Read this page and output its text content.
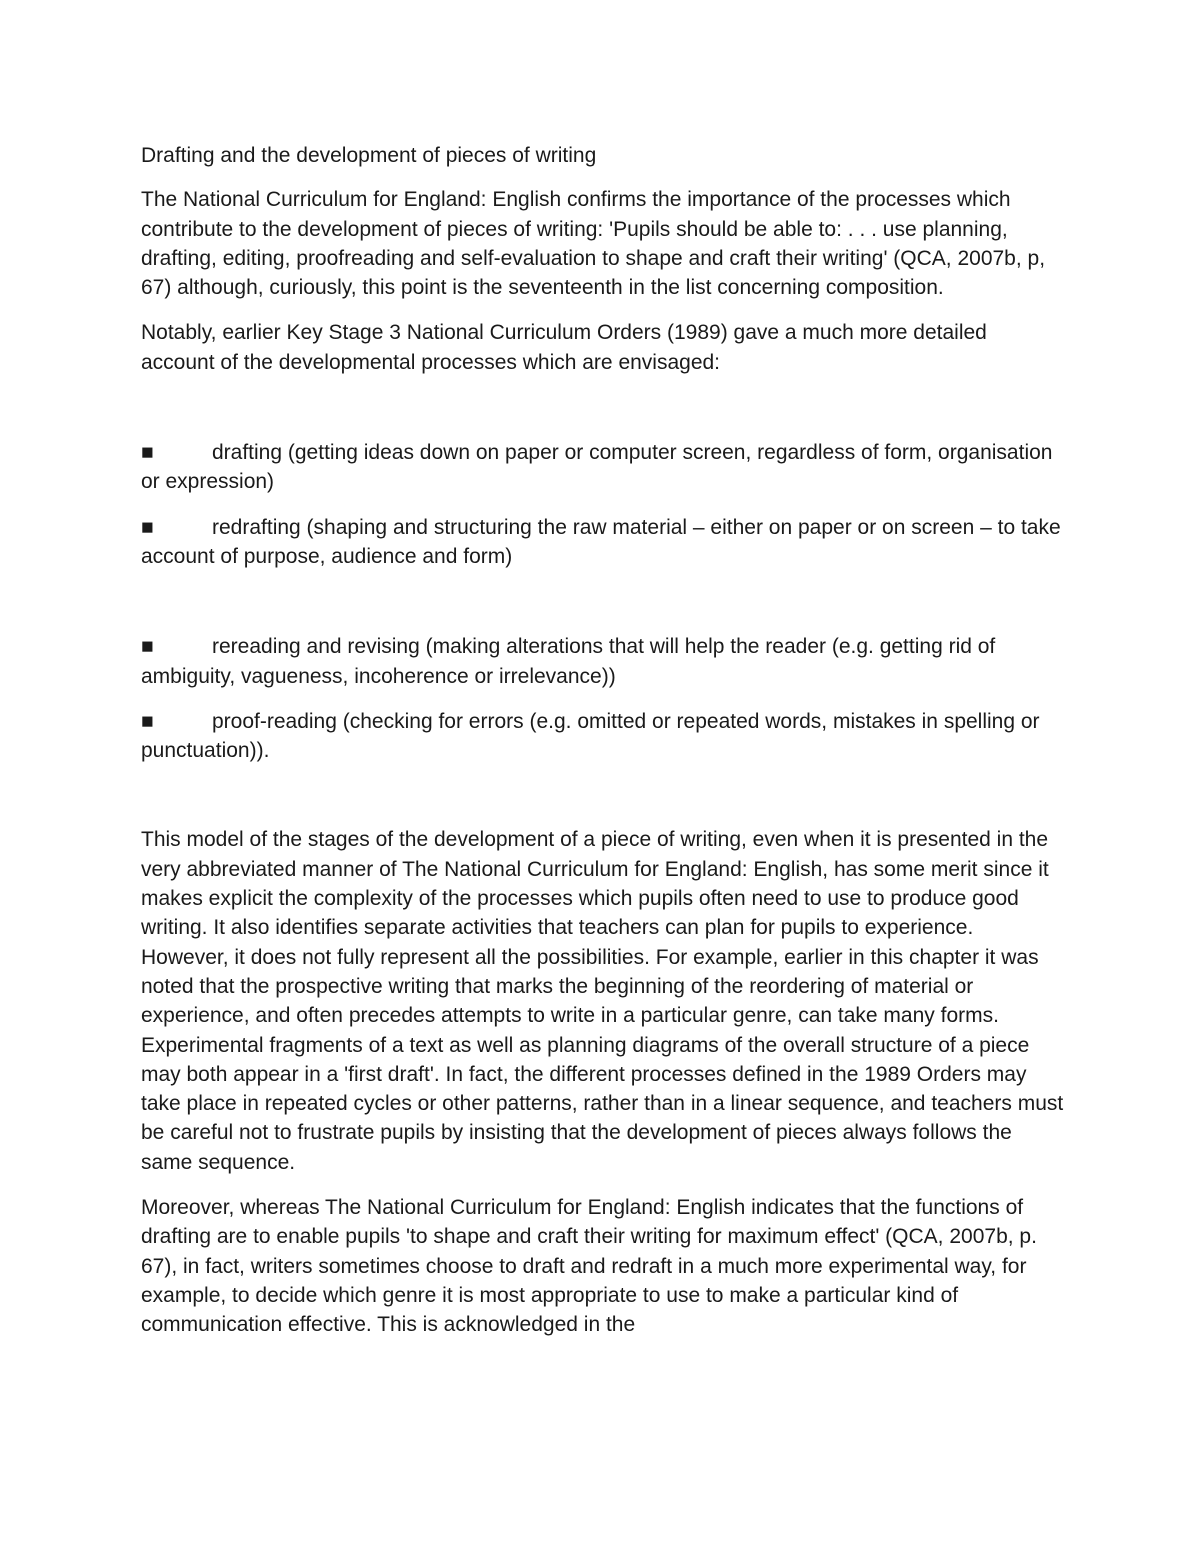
Drafting and the development of pieces of writing

The National Curriculum for England: English confirms the importance of the processes which contribute to the development of pieces of writing: 'Pupils should be able to: . . . use planning, drafting, editing, proofreading and self-evaluation to shape and craft their writing' (QCA, 2007b, p, 67) although, curiously, this point is the seventeenth in the list concerning composition.

Notably, earlier Key Stage 3 National Curriculum Orders (1989) gave a much more detailed account of the developmental processes which are envisaged:

■	drafting (getting ideas down on paper or computer screen, regardless of form, organisation or expression)

■	redrafting (shaping and structuring the raw material – either on paper or on screen – to take account of purpose, audience and form)

■	rereading and revising (making alterations that will help the reader (e.g. getting rid of ambiguity, vagueness, incoherence or irrelevance))

■	proof-reading (checking for errors (e.g. omitted or repeated words, mistakes in spelling or punctuation)).

This model of the stages of the development of a piece of writing, even when it is presented in the very abbreviated manner of The National Curriculum for England: English, has some merit since it makes explicit the complexity of the processes which pupils often need to use to produce good writing. It also identifies separate activities that teachers can plan for pupils to experience. However, it does not fully represent all the possibilities. For example, earlier in this chapter it was noted that the prospective writing that marks the beginning of the reordering of material or experience, and often precedes attempts to write in a particular genre, can take many forms. Experimental fragments of a text as well as planning diagrams of the overall structure of a piece may both appear in a 'first draft'. In fact, the different processes defined in the 1989 Orders may take place in repeated cycles or other patterns, rather than in a linear sequence, and teachers must be careful not to frustrate pupils by insisting that the development of pieces always follows the same sequence.

Moreover, whereas The National Curriculum for England: English indicates that the functions of drafting are to enable pupils 'to shape and craft their writing for maximum effect' (QCA, 2007b, p. 67), in fact, writers sometimes choose to draft and redraft in a much more experimental way, for example, to decide which genre it is most appropriate to use to make a particular kind of communication effective. This is acknowledged in the
